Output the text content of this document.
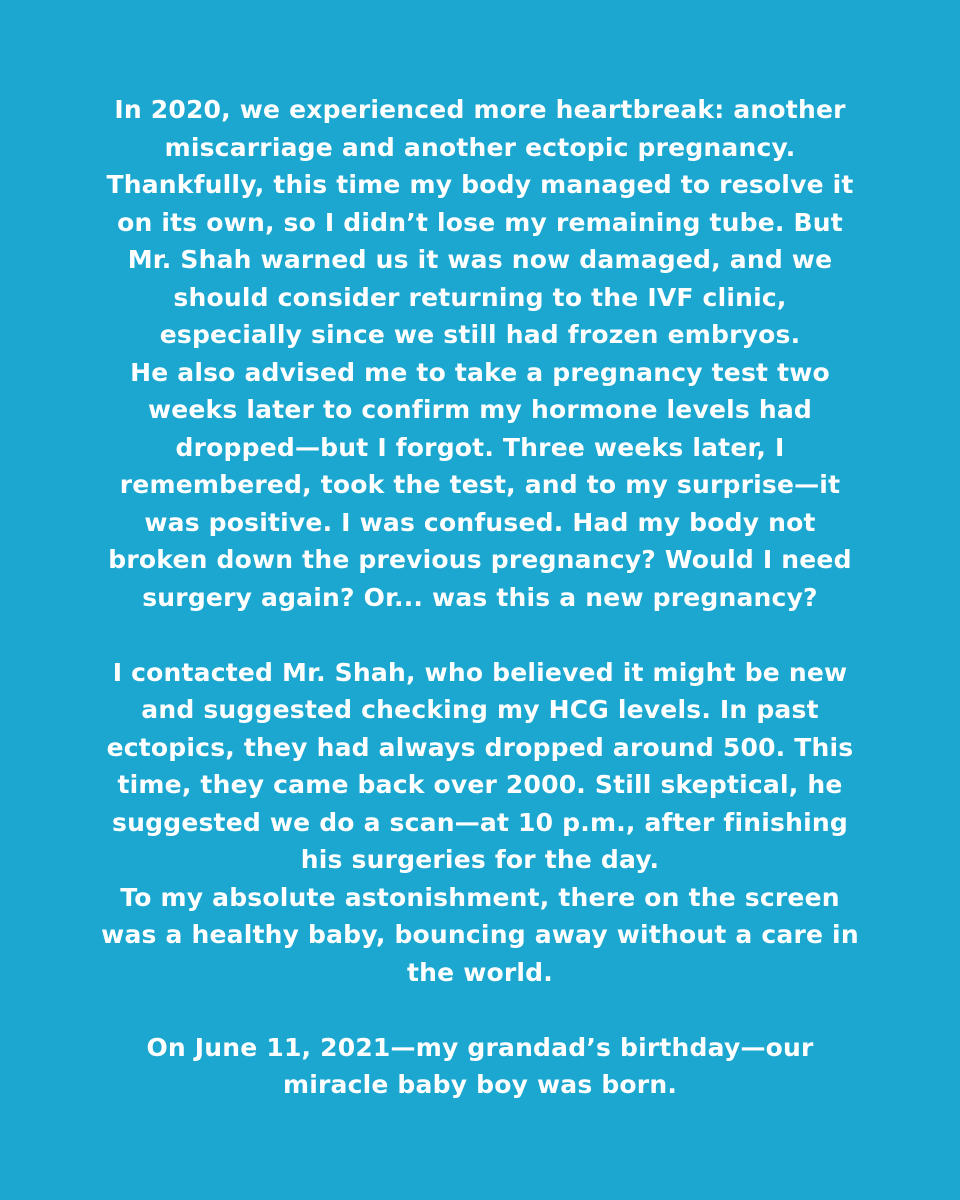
In 2020, we experienced more heartbreak: another miscarriage and another ectopic pregnancy. Thankfully, this time my body managed to resolve it on its own, so I didn’t lose my remaining tube. But Mr. Shah warned us it was now damaged, and we should consider returning to the IVF clinic, especially since we still had frozen embryos.

He also advised me to take a pregnancy test two weeks later to confirm my hormone levels had dropped—but I forgot. Three weeks later, I remembered, took the test, and to my surprise—it was positive. I was confused. Had my body not broken down the previous pregnancy? Would I need surgery again? Or... was this a new pregnancy?

I contacted Mr. Shah, who believed it might be new and suggested checking my HCG levels. In past ectopics, they had always dropped around 500. This time, they came back over 2000. Still skeptical, he suggested we do a scan—at 10 p.m., after finishing his surgeries for the day.

To my absolute astonishment, there on the screen was a healthy baby, bouncing away without a care in the world.

On June 11, 2021—my grandad’s birthday—our miracle baby boy was born.
